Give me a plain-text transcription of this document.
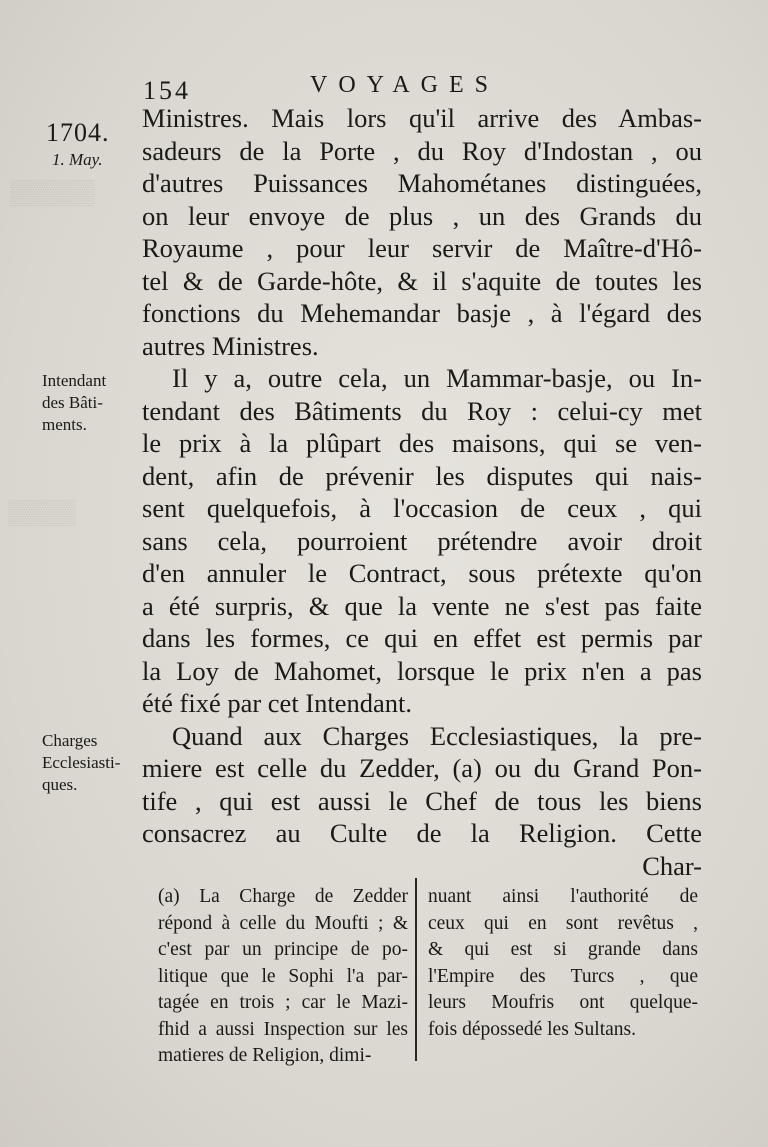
▒▒▒▒▒
▒▒▒▒
154	VOYAGES
1704.
1. May.
Intendant
des Bâti-
ments.
Charges
Ecclesiasti-
ques.
Ministres. Mais lors qu'il arrive des Ambas-
sadeurs de la Porte , du Roy d'Indostan , ou
d'autres Puissances Mahométanes distinguées,
on leur envoye de plus , un des Grands du
Royaume , pour leur servir de Maître-d'Hô-
tel & de Garde-hôte, & il s'aquite de toutes les
fonctions du Mehemandar basje , à l'égard des
autres Ministres.
Il y a, outre cela, un Mammar-basje, ou In-
tendant des Bâtiments du Roy : celui-cy met
le prix à la plûpart des maisons, qui se ven-
dent, afin de prévenir les disputes qui nais-
sent quelquefois, à l'occasion de ceux , qui
sans cela, pourroient prétendre avoir droit
d'en annuler le Contract, sous prétexte qu'on
a été surpris, & que la vente ne s'est pas faite
dans les formes, ce qui en effet est permis par
la Loy de Mahomet, lorsque le prix n'en a pas
été fixé par cet Intendant.
Quand aux Charges Ecclesiastiques, la pre-
miere est celle du Zedder, (a) ou du Grand Pon-
tife , qui est aussi le Chef de tous les biens
consacrez au Culte de la Religion. Cette
Char-
(a) La Charge de Zedder
répond à celle du Moufti ; &
c'est par un principe de po-
litique que le Sophi l'a par-
tagée en trois ; car le Mazi-
fhid a aussi Inspection sur les
matieres de Religion, dimi-
nuant ainsi l'authorité de
ceux qui en sont revêtus ,
& qui est si grande dans
l'Empire des Turcs , que
leurs Moufris ont quelque-
fois dépossedé les Sultans.
